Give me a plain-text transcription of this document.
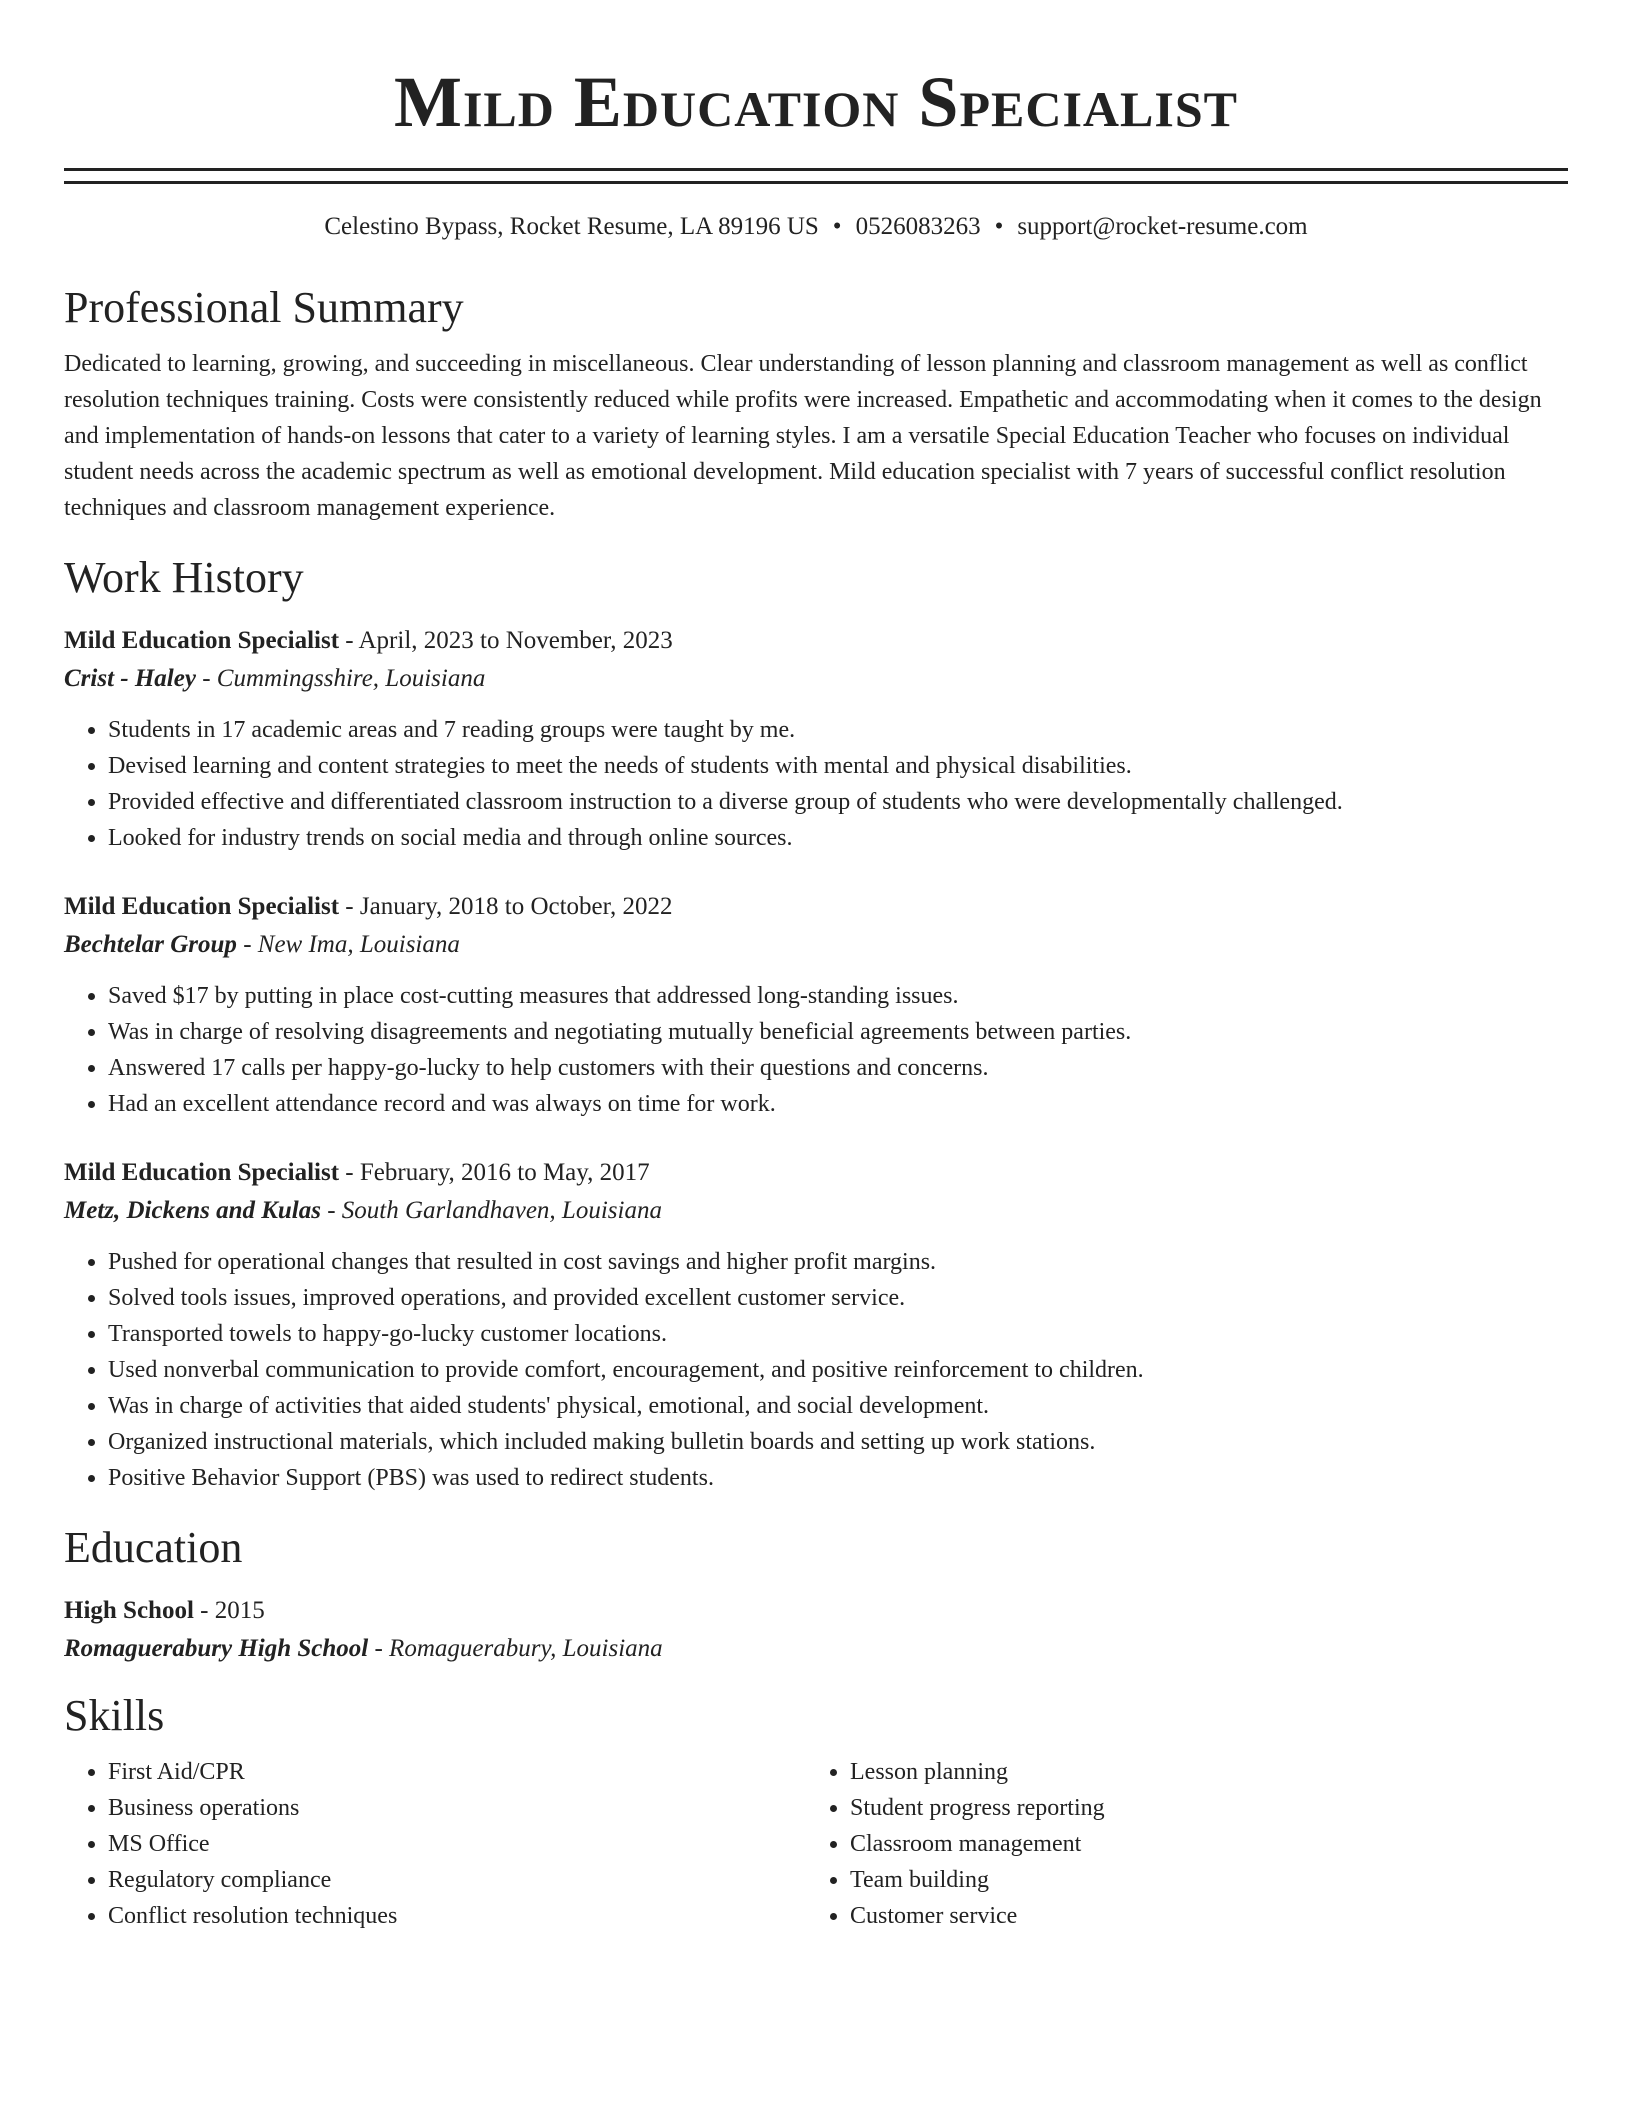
Mild Education Specialist
Celestino Bypass, Rocket Resume, LA 89196 US • 0526083263 • support@rocket-resume.com
Professional Summary
Dedicated to learning, growing, and succeeding in miscellaneous. Clear understanding of lesson planning and classroom management as well as conflict resolution techniques training. Costs were consistently reduced while profits were increased. Empathetic and accommodating when it comes to the design and implementation of hands-on lessons that cater to a variety of learning styles. I am a versatile Special Education Teacher who focuses on individual student needs across the academic spectrum as well as emotional development. Mild education specialist with 7 years of successful conflict resolution techniques and classroom management experience.
Work History
Mild Education Specialist - April, 2023 to November, 2023
Crist - Haley - Cummingsshire, Louisiana
• Students in 17 academic areas and 7 reading groups were taught by me.
• Devised learning and content strategies to meet the needs of students with mental and physical disabilities.
• Provided effective and differentiated classroom instruction to a diverse group of students who were developmentally challenged.
• Looked for industry trends on social media and through online sources.
Mild Education Specialist - January, 2018 to October, 2022
Bechtelar Group - New Ima, Louisiana
• Saved $17 by putting in place cost-cutting measures that addressed long-standing issues.
• Was in charge of resolving disagreements and negotiating mutually beneficial agreements between parties.
• Answered 17 calls per happy-go-lucky to help customers with their questions and concerns.
• Had an excellent attendance record and was always on time for work.
Mild Education Specialist - February, 2016 to May, 2017
Metz, Dickens and Kulas - South Garlandhaven, Louisiana
• Pushed for operational changes that resulted in cost savings and higher profit margins.
• Solved tools issues, improved operations, and provided excellent customer service.
• Transported towels to happy-go-lucky customer locations.
• Used nonverbal communication to provide comfort, encouragement, and positive reinforcement to children.
• Was in charge of activities that aided students' physical, emotional, and social development.
• Organized instructional materials, which included making bulletin boards and setting up work stations.
• Positive Behavior Support (PBS) was used to redirect students.
Education
High School - 2015
Romaguerabury High School - Romaguerabury, Louisiana
Skills
• First Aid/CPR
• Business operations
• MS Office
• Regulatory compliance
• Conflict resolution techniques
• Lesson planning
• Student progress reporting
• Classroom management
• Team building
• Customer service
